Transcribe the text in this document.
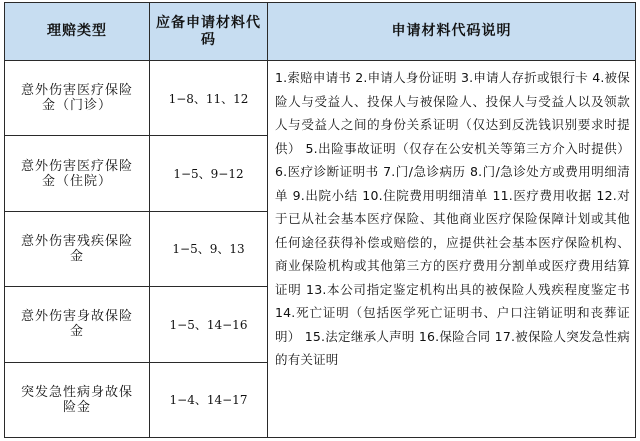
理赔类型	应备申请材料代码	申请材料代码说明
意外伤害医疗保险金（门诊）	1−8、11、12	1.索赔申请书 2.申请人身份证明 3.申请人存折或银行卡 4.被保险人与受益人、投保人与被保险人、投保人与受益人以及领款人与受益人之间的身份关系证明（仅达到反洗钱识别要求时提供） 5.出险事故证明（仅存在公安机关等第三方介入时提供） 6.医疗诊断证明书 7.门/急诊病历 8.门/急诊处方或费用明细清单 9.出院小结 10.住院费用明细清单 11.医疗费用收据 12.对于已从社会基本医疗保险、其他商业医疗保险保障计划或其他任何途径获得补偿或赔偿的，应提供社会基本医疗保险机构、商业保险机构或其他第三方的医疗费用分割单或医疗费用结算证明 13.本公司指定鉴定机构出具的被保险人残疾程度鉴定书 14.死亡证明（包括医学死亡证明书、户口注销证明和丧葬证明） 15.法定继承人声明 16.保险合同 17.被保险人突发急性病的有关证明
意外伤害医疗保险金（住院）	1−5、9−12	
意外伤害残疾保险金	1−5、9、13	
意外伤害身故保险金	1−5、14−16	
突发急性病身故保险金	1−4、14−17	
